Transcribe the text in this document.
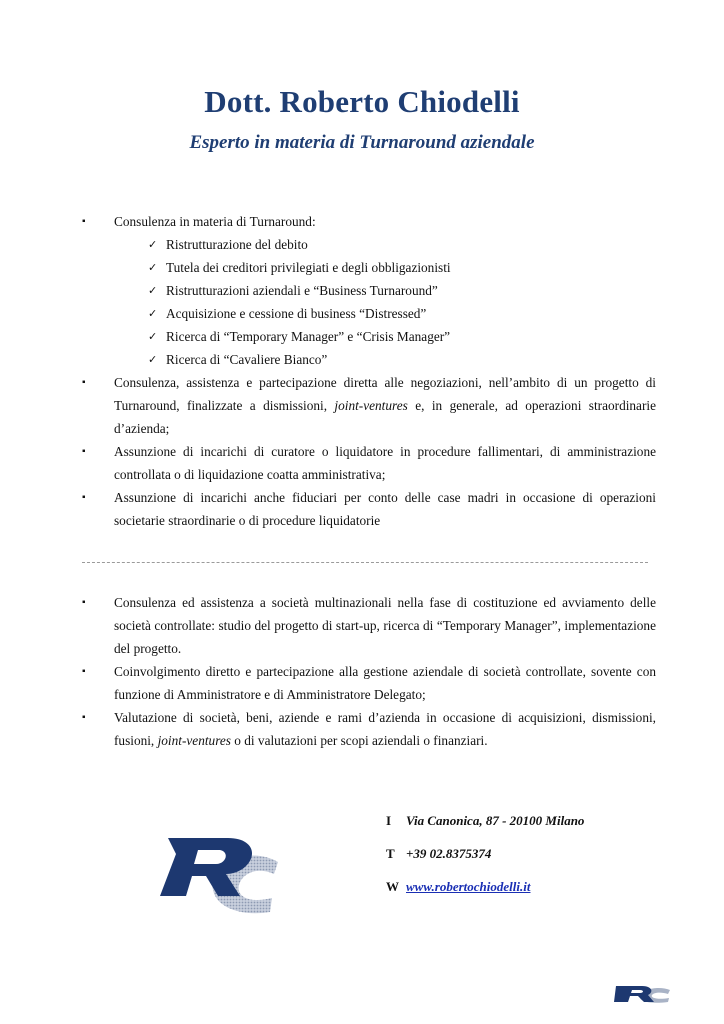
Dott. Roberto Chiodelli
Esperto in materia di Turnaround aziendale
▪ Consulenza in materia di Turnaround:
✓ Ristrutturazione del debito
✓ Tutela dei creditori privilegiati e degli obbligazionisti
✓ Ristrutturazioni aziendali e “Business Turnaround”
✓ Acquisizione e cessione di business “Distressed”
✓ Ricerca di “Temporary Manager” e “Crisis Manager”
✓ Ricerca di “Cavaliere Bianco”
▪ Consulenza, assistenza e partecipazione diretta alle negoziazioni, nell’ambito di un progetto di Turnaround, finalizzate a dismissioni, joint-ventures e, in generale, ad operazioni straordinarie d’azienda;
▪ Assunzione di incarichi di curatore o liquidatore in procedure fallimentari, di amministrazione controllata o di liquidazione coatta amministrativa;
▪ Assunzione di incarichi anche fiduciari per conto delle case madri in occasione di operazioni societarie straordinarie o di procedure liquidatorie
▪ Consulenza ed assistenza a società multinazionali nella fase di costituzione ed avviamento delle società controllate: studio del progetto di start-up, ricerca di “Temporary Manager”, implementazione del progetto.
▪ Coinvolgimento diretto e partecipazione alla gestione aziendale di società controllate, sovente con funzione di Amministratore e di Amministratore Delegato;
▪ Valutazione di società, beni, aziende e rami d’azienda in occasione di acquisizioni, dismissioni, fusioni, joint-ventures o di valutazioni per scopi aziendali o finanziari.
I Via Canonica, 87 - 20100 Milano
T +39 02.8375374
W www.robertochiodelli.it
